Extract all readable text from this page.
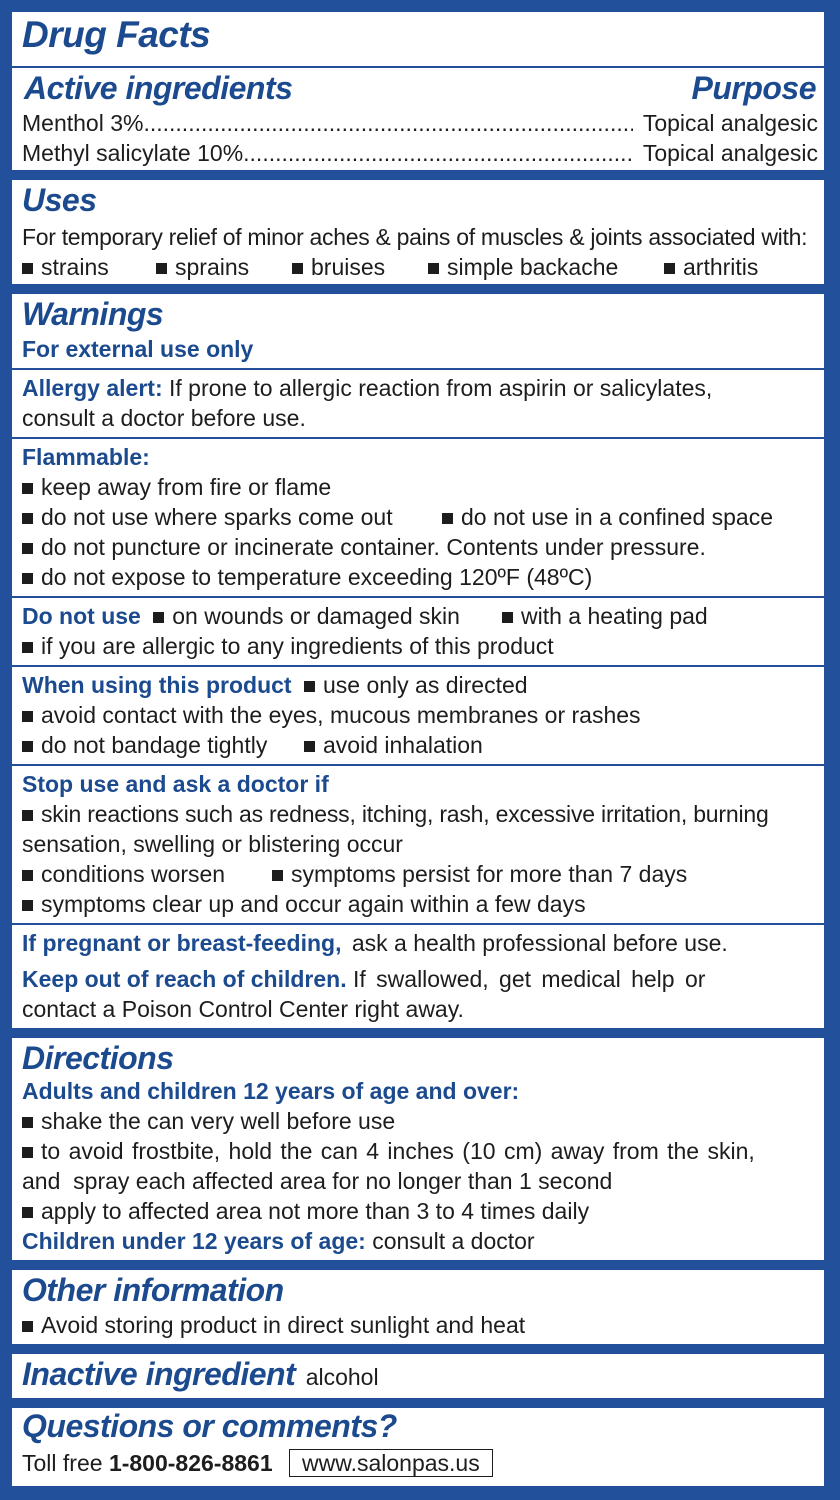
Drug Facts
Active ingredients	Purpose
Menthol 3% .....	Topical analgesic
Methyl salicylate 10% .....	Topical analgesic
Uses
For temporary relief of minor aches & pains of muscles & joints associated with:
strains	sprains	bruises	simple backache	arthritis
Warnings
For external use only
Allergy alert: If prone to allergic reaction from aspirin or salicylates,
consult a doctor before use.
Flammable:
keep away from fire or flame
do not use where sparks come out	do not use in a confined space
do not puncture or incinerate container. Contents under pressure.
do not expose to temperature exceeding 120ºF (48ºC)
Do not use on wounds or damaged skin	with a heating pad
if you are allergic to any ingredients of this product
When using this product use only as directed
avoid contact with the eyes, mucous membranes or rashes
do not bandage tightly	avoid inhalation
Stop use and ask a doctor if
skin reactions such as redness, itching, rash, excessive irritation, burning
sensation, swelling or blistering occur
conditions worsen	symptoms persist for more than 7 days
symptoms clear up and occur again within a few days
If pregnant or breast-feeding, ask a health professional before use.
Keep out of reach of children. If swallowed, get medical help or
contact a Poison Control Center right away.
Directions
Adults and children 12 years of age and over:
shake the can very well before use
to avoid frostbite, hold the can 4 inches (10 cm) away from the skin,
and  spray each affected area for no longer than 1 second
apply to affected area not more than 3 to 4 times daily
Children under 12 years of age: consult a doctor
Other information
Avoid storing product in direct sunlight and heat
Inactive ingredient alcohol
Questions or comments?
Toll free 1-800-826-8861 www.salonpas.us
